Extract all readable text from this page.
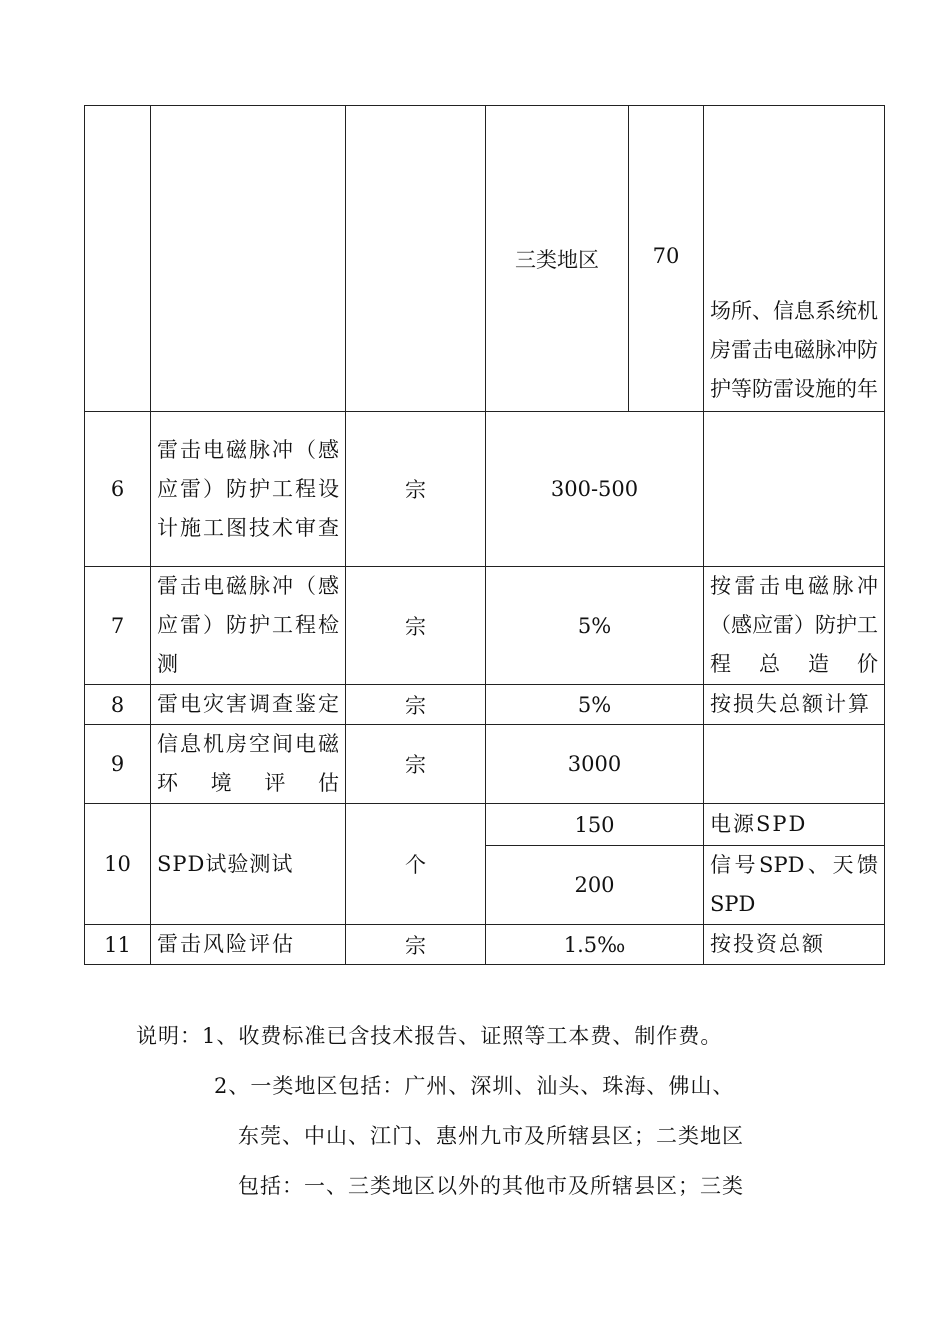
			三类地区	70	场所、信息系统机房雷击电磁脉冲防护等防雷设施的年
6	雷击电磁脉冲（感应雷）防护工程设计施工图技术审查	宗	300-500		
7	雷击电磁脉冲（感应雷）防护工程检测	宗	5%		按雷击电磁脉冲（感应雷）防护工程总造价
8	雷电灾害调查鉴定	宗	5%		按损失总额计算
9	信息机房空间电磁环境评估	宗	3000		
10	SPD试验测试	个	150		电源SPD
			200		信号SPD、天馈SPD
11	雷击风险评估	宗	1.5‰		按投资总额

说明：1、收费标准已含技术报告、证照等工本费、制作费。

2、一类地区包括：广州、深圳、汕头、珠海、佛山、

东莞、中山、江门、惠州九市及所辖县区；二类地区

包括：一、三类地区以外的其他市及所辖县区；三类
